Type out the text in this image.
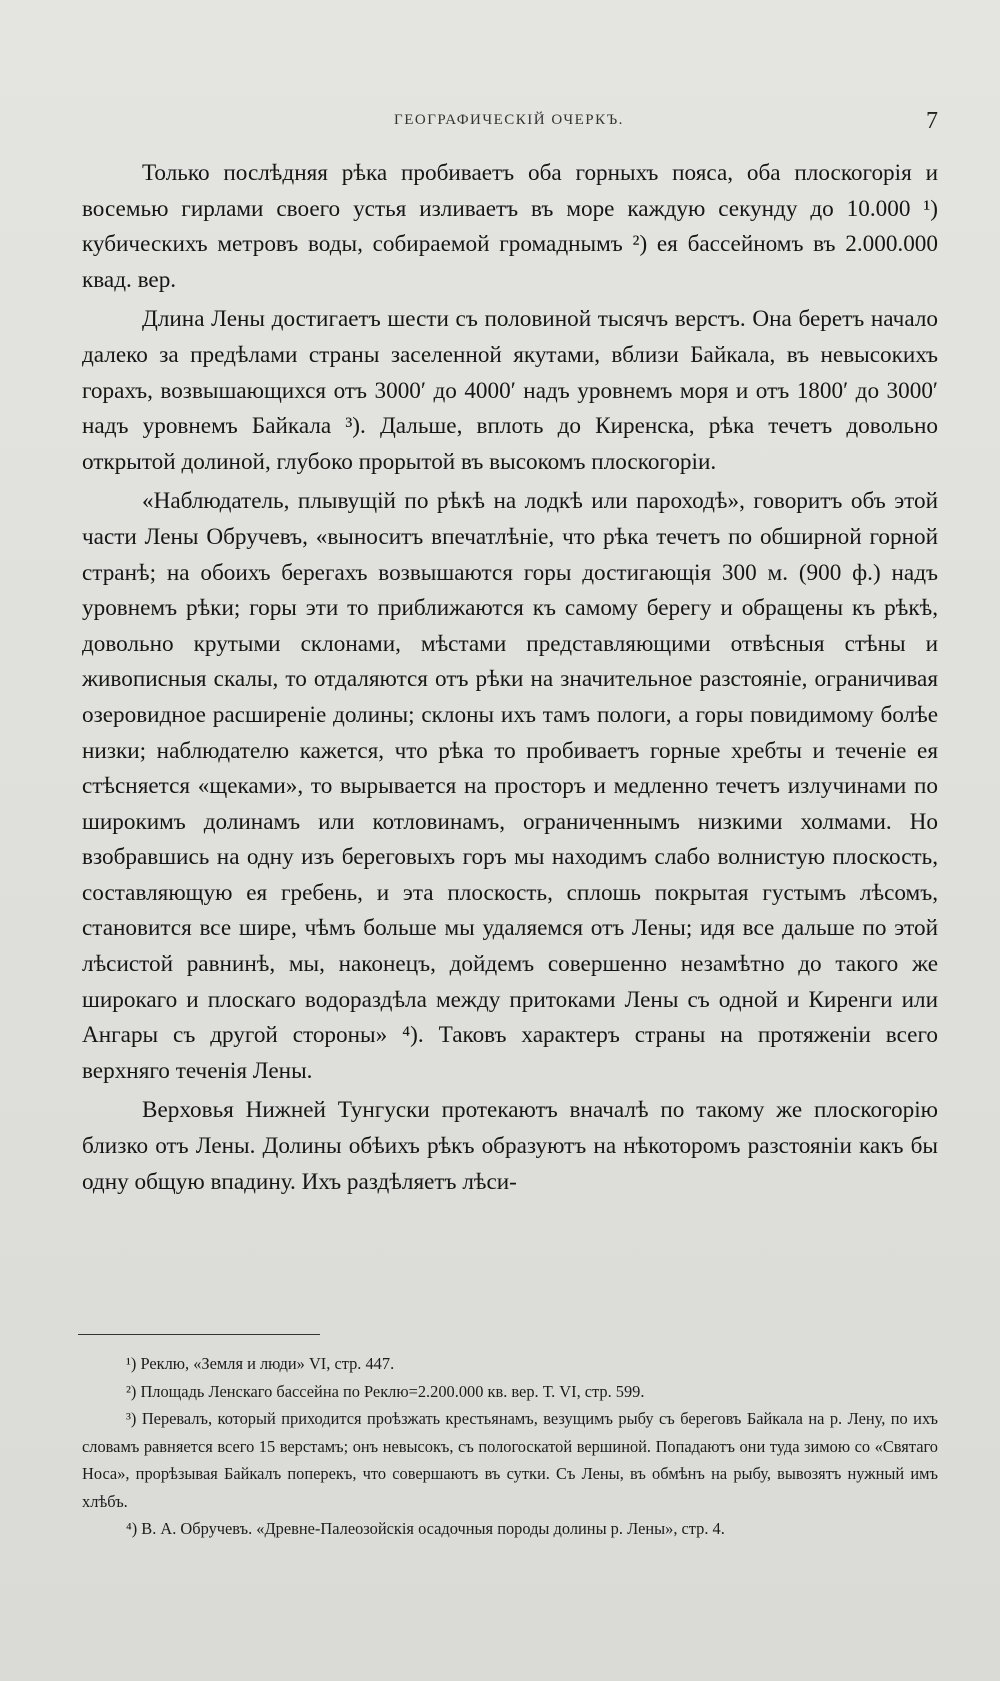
ГЕОГРАФИЧЕСКІЙ ОЧЕРКЪ.	7

Только послѣдняя рѣка пробиваетъ оба горныхъ пояса, оба плоскогорія и восемью гирлами своего устья изливаетъ въ море каждую секунду до 10.000 ¹) кубическихъ метровъ воды, собираемой громаднымъ ²) ея бассейномъ въ 2.000.000 квад. вер.

Длина Лены достигаетъ шести съ половиной тысячъ верстъ. Она беретъ начало далеко за предѣлами страны заселенной якутами, вблизи Байкала, въ невысокихъ горахъ, возвышающихся отъ 3000′ до 4000′ надъ уровнемъ моря и отъ 1800′ до 3000′ надъ уровнемъ Байкала ³). Дальше, вплоть до Киренска, рѣка течетъ довольно открытой долиной, глубоко прорытой въ высокомъ плоскогоріи.

«Наблюдатель, плывущій по рѣкѣ на лодкѣ или пароходѣ», говоритъ объ этой части Лены Обручевъ, «выноситъ впечатлѣніе, что рѣка течетъ по обширной горной странѣ; на обоихъ берегахъ возвышаются горы достигающія 300 м. (900 ф.) надъ уровнемъ рѣки; горы эти то приближаются къ самому берегу и обращены къ рѣкѣ, довольно крутыми склонами, мѣстами представляющими отвѣсныя стѣны и живописныя скалы, то отдаляются отъ рѣки на значительное разстояніе, ограничивая озеровидное расширеніе долины; склоны ихъ тамъ пологи, а горы повидимому болѣе низки; наблюдателю кажется, что рѣка то пробиваетъ горные хребты и теченіе ея стѣсняется «щеками», то вырывается на просторъ и медленно течетъ излучинами по широкимъ долинамъ или котловинамъ, ограниченнымъ низкими холмами. Но взобравшись на одну изъ береговыхъ горъ мы находимъ слабо волнистую плоскость, составляющую ея гребень, и эта плоскость, сплошь покрытая густымъ лѣсомъ, становится все шире, чѣмъ больше мы удаляемся отъ Лены; идя все дальше по этой лѣсистой равнинѣ, мы, наконецъ, дойдемъ совершенно незамѣтно до такого же широкаго и плоскаго водораздѣла между притоками Лены съ одной и Киренги или Ангары съ другой стороны» ⁴). Таковъ характеръ страны на протяженіи всего верхняго теченія Лены.

Верховья Нижней Тунгуски протекаютъ вначалѣ по такому же плоскогорію близко отъ Лены. Долины обѣихъ рѣкъ образуютъ на нѣкоторомъ разстояніи какъ бы одну общую впадину. Ихъ раздѣляетъ лѣси-

¹) Реклю, «Земля и люди» VI, стр. 447.

²) Площадь Ленскаго бассейна по Реклю=2.200.000 кв. вер. Т. VI, стр. 599.

³) Перевалъ, который приходится проѣзжать крестьянамъ, везущимъ рыбу съ береговъ Байкала на р. Лену, по ихъ словамъ равняется всего 15 верстамъ; онъ невысокъ, съ пологоскатой вершиной. Попадаютъ они туда зимою со «Святаго Носа», прорѣзывая Байкалъ поперекъ, что совершаютъ въ сутки. Съ Лены, въ обмѣнъ на рыбу, вывозятъ нужный имъ хлѣбъ.

⁴) В. А. Обручевъ. «Древне-Палеозойскія осадочныя породы долины р. Лены», стр. 4.
